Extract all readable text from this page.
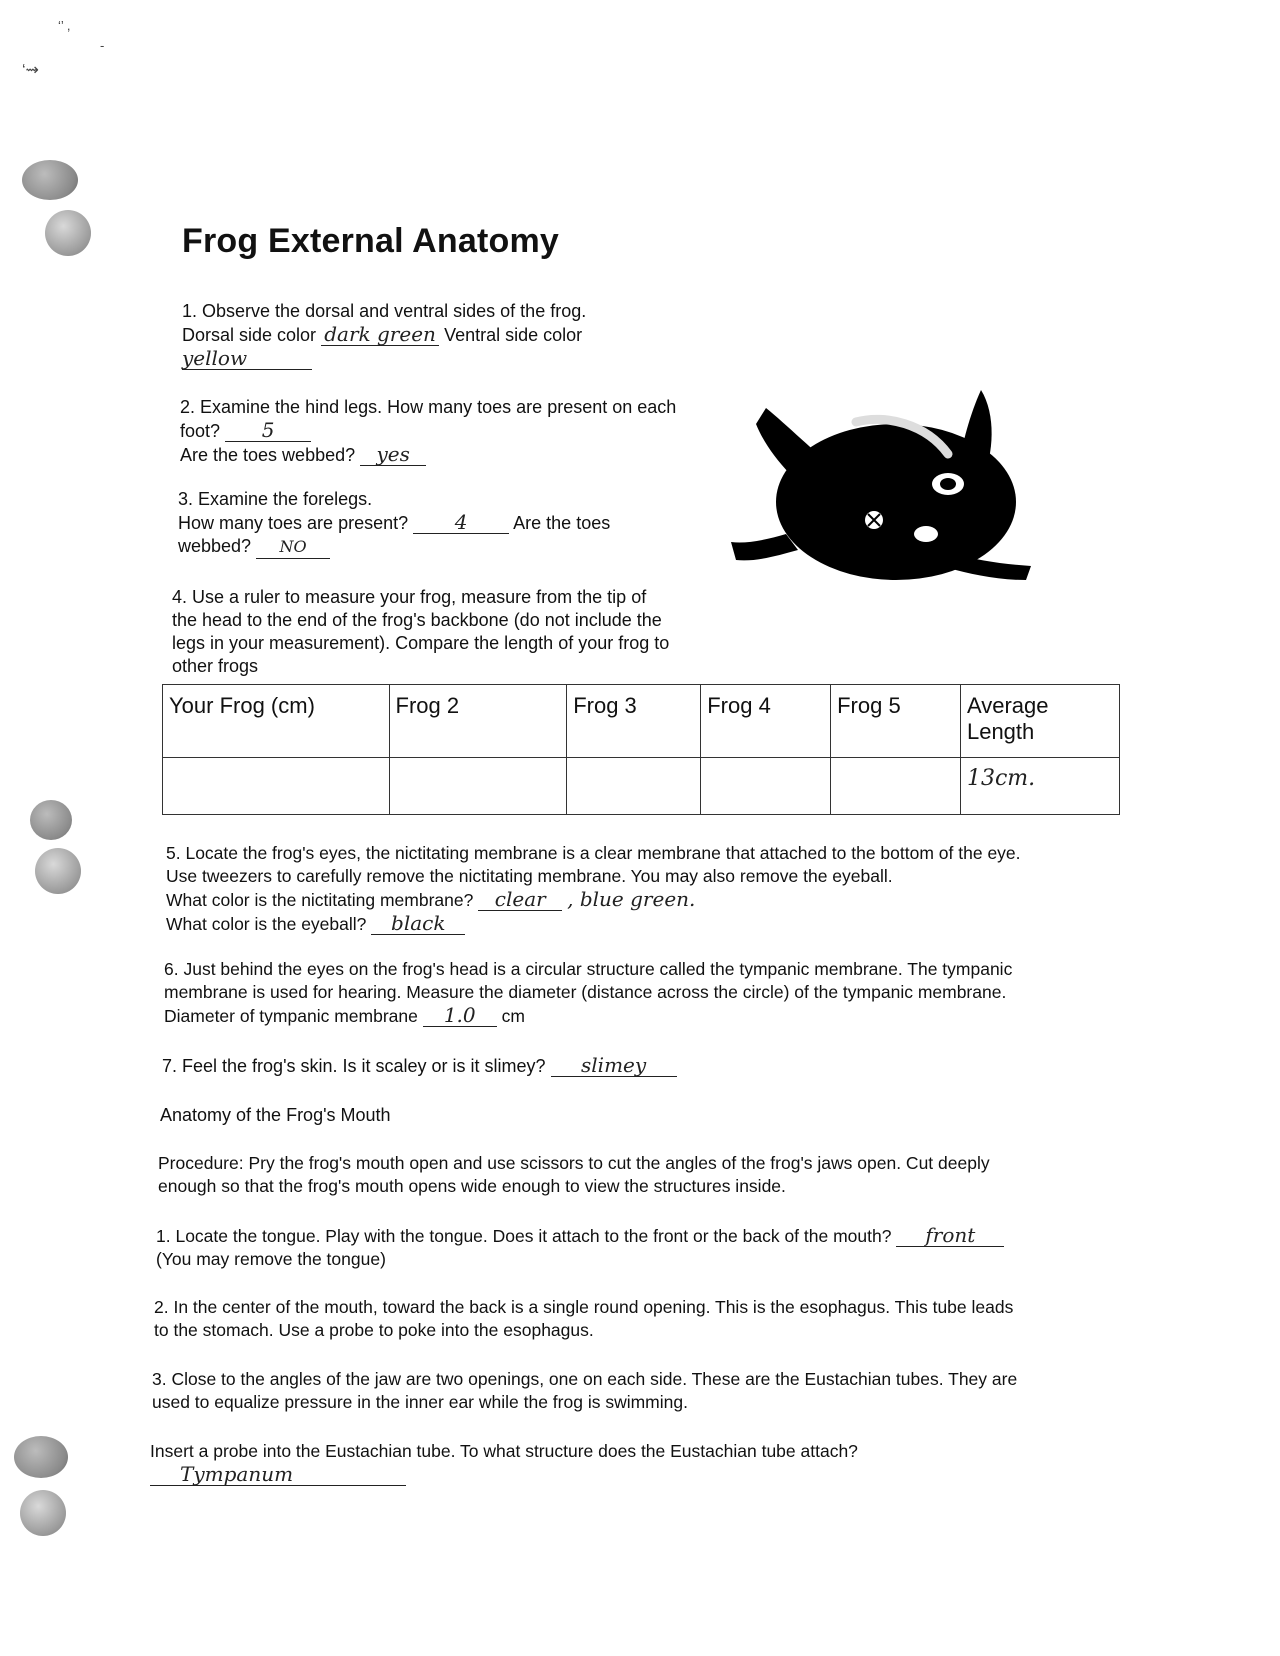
‘’ ,
‘⇝
-
Frog External Anatomy
1. Observe the dorsal and ventral sides of the frog.
Dorsal side color dark green Ventral side color
yellow
2. Examine the hind legs. How many toes are present on each
foot? 5
Are the toes webbed? yes
3. Examine the forelegs.
How many toes are present? 4	Are the toes
webbed? NO
4. Use a ruler to measure your frog, measure from the tip of
the head to the end of the frog's backbone (do not include the
legs in your measurement). Compare the length of your frog to
other frogs
Your Frog (cm)	Frog 2	Frog 3	Frog 4	Frog 5	Average Length
					13cm.
5. Locate the frog's eyes, the nictitating membrane is a clear membrane that attached to the bottom of the eye.
Use tweezers to carefully remove the nictitating membrane. You may also remove the eyeball.
What color is the nictitating membrane? clear , blue green.
What color is the eyeball? black
6. Just behind the eyes on the frog's head is a circular structure called the tympanic membrane. The tympanic
membrane is used for hearing. Measure the diameter (distance across the circle) of the tympanic membrane.
Diameter of tympanic membrane 1.0 cm
7. Feel the frog's skin. Is it scaley or is it slimey? slimey
Anatomy of the Frog's Mouth
Procedure: Pry the frog's mouth open and use scissors to cut the angles of the frog's jaws open. Cut deeply
enough so that the frog's mouth opens wide enough to view the structures inside.
1. Locate the tongue. Play with the tongue. Does it attach to the front or the back of the mouth? front
(You may remove the tongue)
2. In the center of the mouth, toward the back is a single round opening. This is the esophagus. This tube leads
to the stomach. Use a probe to poke into the esophagus.
3. Close to the angles of the jaw are two openings, one on each side. These are the Eustachian tubes. They are
used to equalize pressure in the inner ear while the frog is swimming.
Insert a probe into the Eustachian tube. To what structure does the Eustachian tube attach?
Tympanum
